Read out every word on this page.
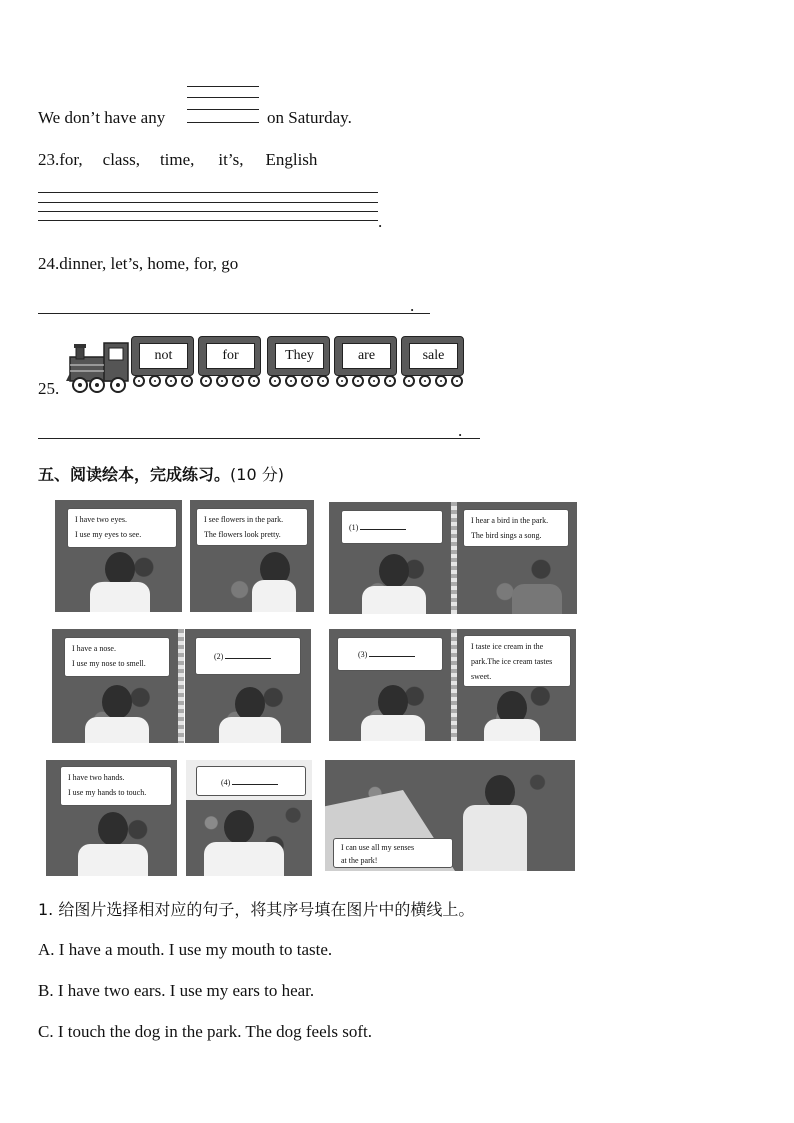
We don’t have any	on Saturday.
23.for, class, time, it’s, English
.
24.dinner, let’s, home, for, go
.
25.
not	for	They	are	sale
.
五、阅读绘本，完成练习。(10 分)
I have two eyes.
I use my eyes to see.
I see flowers in the park.
The flowers look pretty.
(1)
I hear a bird in the park.
The bird sings a song.
I have a nose.
I use my nose to smell.
(2)	(3)
I taste ice cream in the
park.The ice cream tastes
sweet.
I have two hands.
I use my hands to touch.
(4)
I can use all my senses
at the park!
1. 给图片选择相对应的句子，将其序号填在图片中的横线上。
A. I have a mouth. I use my mouth to taste.
B. I have two ears. I use my ears to hear.
C. I touch the dog in the park. The dog feels soft.
